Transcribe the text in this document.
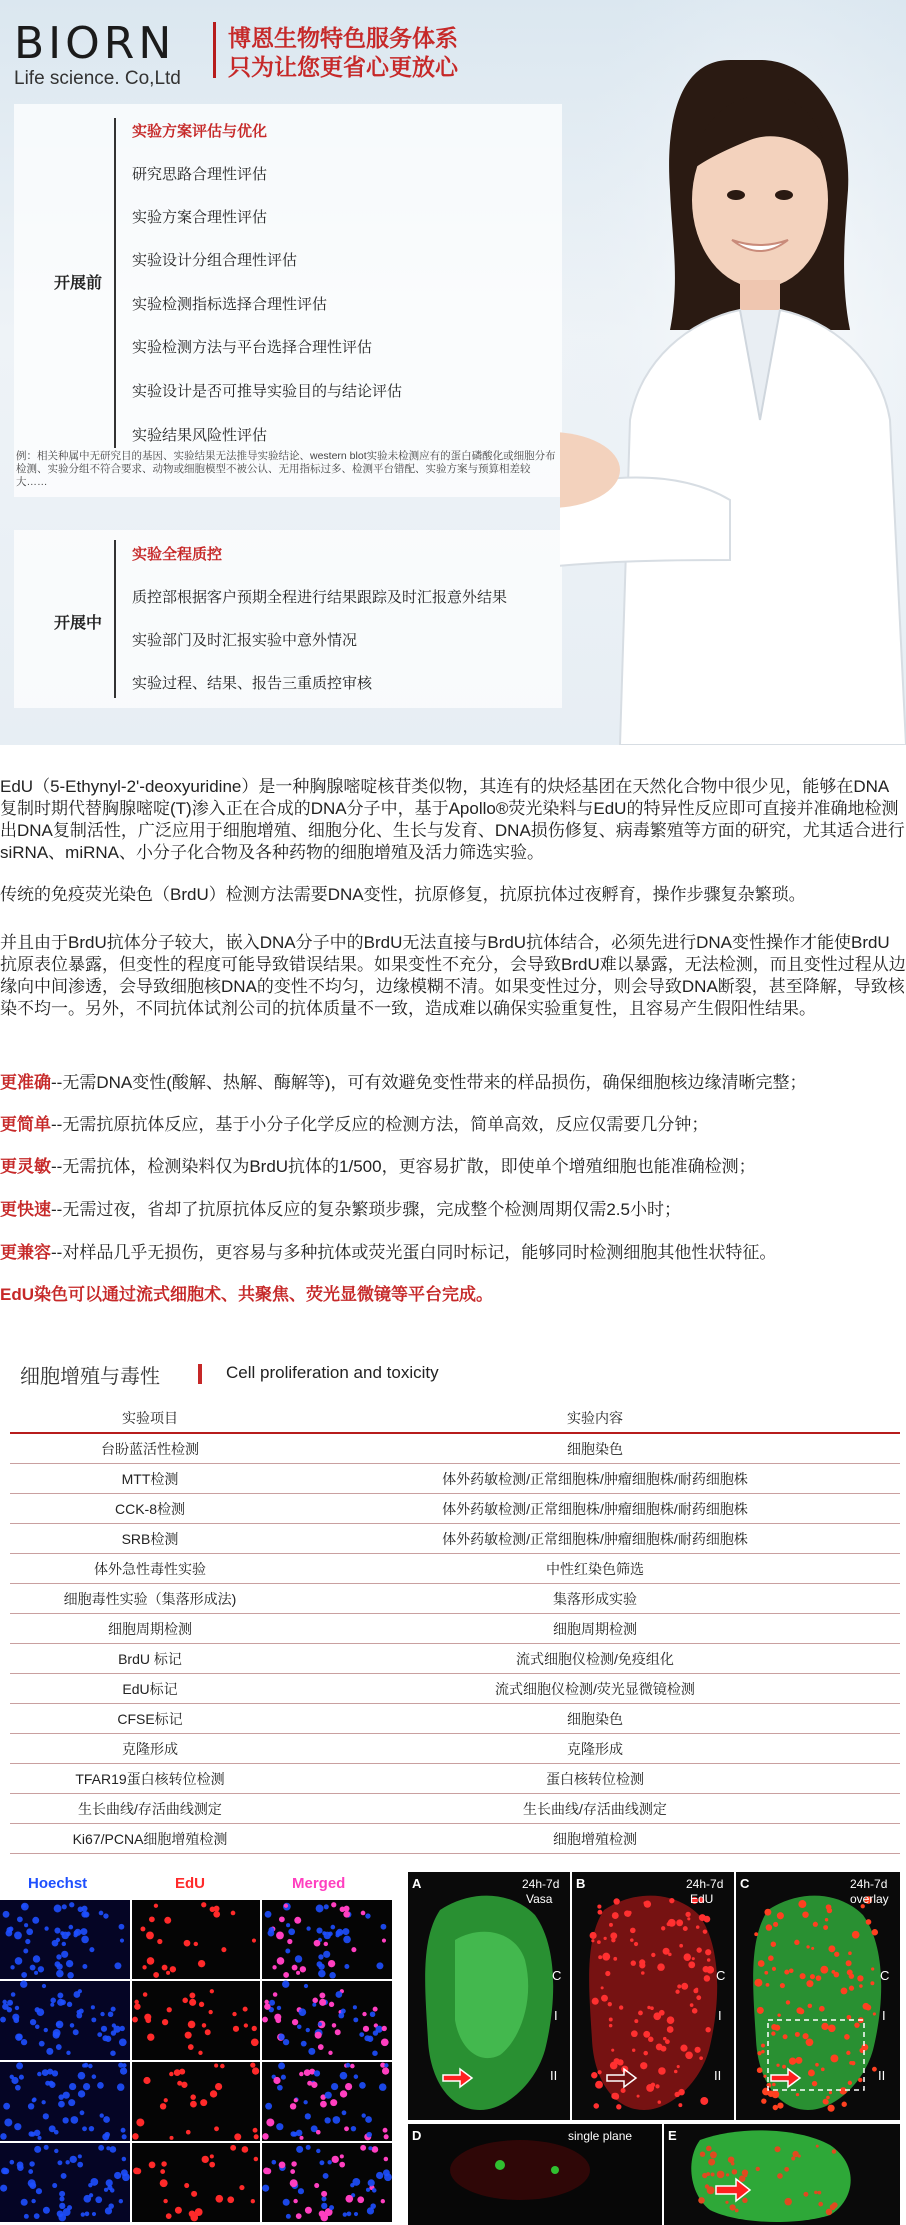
BIORN
Life science. Co,Ltd
博恩生物特色服务体系
只为让您更省心更放心
开展前
实验方案评估与优化
研究思路合理性评估
实验方案合理性评估
实验设计分组合理性评估
实验检测指标选择合理性评估
实验检测方法与平台选择合理性评估
实验设计是否可推导实验目的与结论评估
实验结果风险性评估
例：相关种属中无研究目的基因、实验结果无法推导实验结论、western blot实验未检测应有的蛋白磷酸化或细胞分布检测、实验分组不符合要求、动物或细胞模型不被公认、无用指标过多、检测平台错配、实验方案与预算相差较大……
开展中
实验全程质控
质控部根据客户预期全程进行结果跟踪及时汇报意外结果
实验部门及时汇报实验中意外情况
实验过程、结果、报告三重质控审核
EdU（5-Ethynyl-2'-deoxyuridine）是一种胸腺嘧啶核苷类似物，其连有的炔烃基团在天然化合物中很少见，能够在DNA复制时期代替胸腺嘧啶(T)渗入正在合成的DNA分子中，基于Apollo®荧光染料与EdU的特异性反应即可直接并准确地检测出DNA复制活性，广泛应用于细胞增殖、细胞分化、生长与发育、DNA损伤修复、病毒繁殖等方面的研究，尤其适合进行siRNA、miRNA、小分子化合物及各种药物的细胞增殖及活力筛选实验。
传统的免疫荧光染色（BrdU）检测方法需要DNA变性，抗原修复，抗原抗体过夜孵育，操作步骤复杂繁琐。
并且由于BrdU抗体分子较大，嵌入DNA分子中的BrdU无法直接与BrdU抗体结合，必须先进行DNA变性操作才能使BrdU抗原表位暴露，但变性的程度可能导致错误结果。如果变性不充分，会导致BrdU难以暴露，无法检测，而且变性过程从边缘向中间渗透，会导致细胞核DNA的变性不均匀，边缘模糊不清。如果变性过分，则会导致DNA断裂，甚至降解，导致核染不均一。另外，不同抗体试剂公司的抗体质量不一致，造成难以确保实验重复性，且容易产生假阳性结果。
更准确--无需DNA变性(酸解、热解、酶解等)，可有效避免变性带来的样品损伤，确保细胞核边缘清晰完整；
更简单--无需抗原抗体反应，基于小分子化学反应的检测方法，简单高效，反应仅需要几分钟；
更灵敏--无需抗体，检测染料仅为BrdU抗体的1/500，更容易扩散，即使单个增殖细胞也能准确检测；
更快速--无需过夜，省却了抗原抗体反应的复杂繁琐步骤，完成整个检测周期仅需2.5小时；
更兼容--对样品几乎无损伤，更容易与多种抗体或荧光蛋白同时标记，能够同时检测细胞其他性状特征。
EdU染色可以通过流式细胞术、共聚焦、荧光显微镜等平台完成。
细胞增殖与毒性	Cell proliferation and toxicity
实验项目	实验内容
台盼蓝活性检测	细胞染色
MTT检测	体外药敏检测/正常细胞株/肿瘤细胞株/耐药细胞株
CCK-8检测	体外药敏检测/正常细胞株/肿瘤细胞株/耐药细胞株
SRB检测	体外药敏检测/正常细胞株/肿瘤细胞株/耐药细胞株
体外急性毒性实验	中性红染色筛选
细胞毒性实验（集落形成法)	集落形成实验
细胞周期检测	细胞周期检测
BrdU 标记	流式细胞仪检测/免疫组化
EdU标记	流式细胞仪检测/荧光显微镜检测
CFSE标记	细胞染色
克隆形成	克隆形成
TFAR19蛋白核转位检测	蛋白核转位检测
生长曲线/存活曲线测定	生长曲线/存活曲线测定
Ki67/PCNA细胞增殖检测	细胞增殖检测
Hoechst	EdU	Merged	A	24h-7d
Vasa
C
I
II
B	24h-7d
EdU
C
I
II
C	24h-7d
overlay
C
I
II
D	single plane	E
